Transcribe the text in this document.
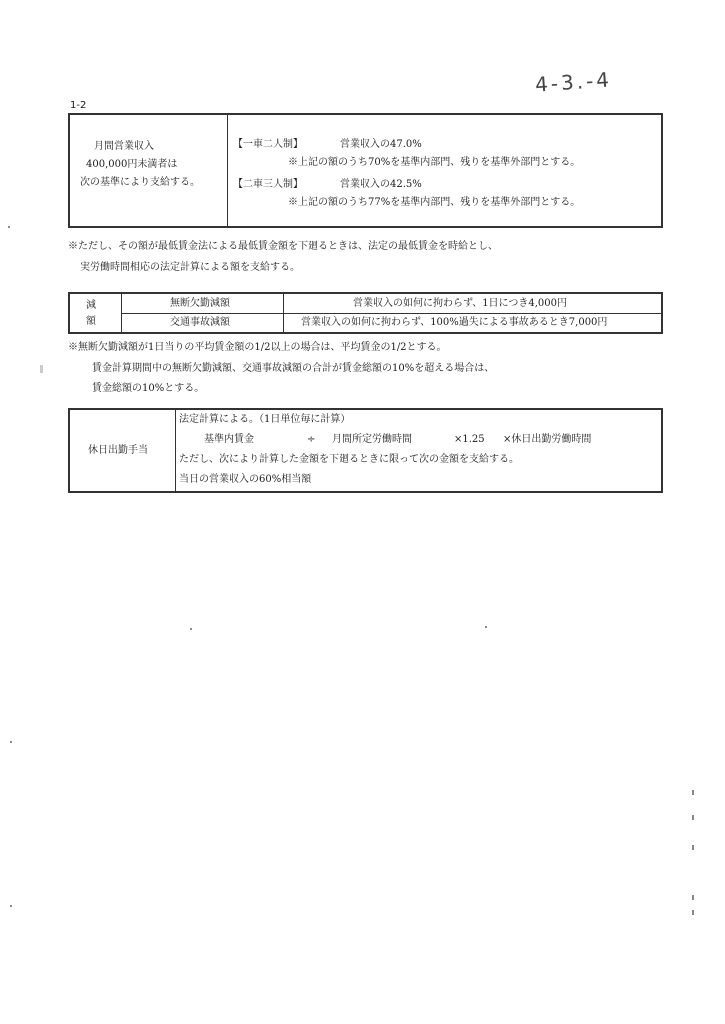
4-3.-4
1-2
月間営業収入
400,000円未満者は
次の基準により支給する。
【一車二人制】	営業収入の47.0%
※上記の額のうち70%を基準内部門、残りを基準外部門とする。
【二車三人制】	営業収入の42.5%
※上記の額のうち77%を基準内部門、残りを基準外部門とする。
※ただし、その額が最低賃金法による最低賃金額を下廻るときは、法定の最低賃金を時給とし、
実労働時間相応の法定計算による額を支給する。
減額
無断欠勤減額	営業収入の如何に拘わらず、1日につき4,000円
交通事故減額	営業収入の如何に拘わらず、100%過失による事故あるとき7,000円
※無断欠勤減額が1日当りの平均賃金額の1/2以上の場合は、平均賃金の1/2とする。
賃金計算期間中の無断欠勤減額、交通事故減額の合計が賃金総額の10%を超える場合は、
賃金総額の10%とする。
休日出勤手当
法定計算による。（1日単位毎に計算）
基準内賃金	÷ 月間所定労働時間	×1.25 ×休日出勤労働時間
ただし、次により計算した金額を下廻るときに限って次の金額を支給する。
当日の営業収入の60%相当額
